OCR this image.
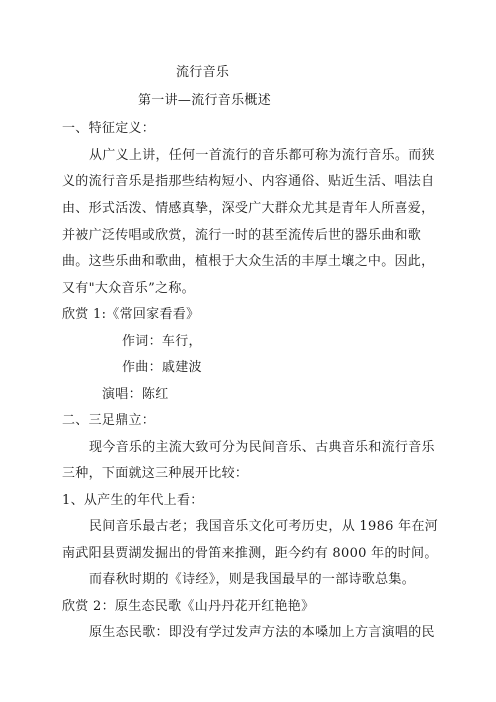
流行音乐
第一讲—流行音乐概述
一、特征定义：
从广义上讲，任何一首流行的音乐都可称为流行音乐。而狭
义的流行音乐是指那些结构短小、内容通俗、贴近生活、唱法自
由、形式活泼、情感真挚，深受广大群众尤其是青年人所喜爱，
并被广泛传唱或欣赏，流行一时的甚至流传后世的器乐曲和歌
曲。这些乐曲和歌曲，植根于大众生活的丰厚土壤之中。因此，
又有"大众音乐”之称。
欣赏 1:《常回家看看》
作词：车行，
作曲：戚建波
演唱：陈红
二、三足鼎立：
现今音乐的主流大致可分为民间音乐、古典音乐和流行音乐
三种，下面就这三种展开比较：
1、从产生的年代上看：
民间音乐最古老；我国音乐文化可考历史，从 1986 年在河
南武阳县贾湖发掘出的骨笛来推测，距今约有 8000 年的时间。
而春秋时期的《诗经》，则是我国最早的一部诗歌总集。
欣赏 2：原生态民歌《山丹丹花开红艳艳》
原生态民歌：即没有学过发声方法的本嗓加上方言演唱的民
